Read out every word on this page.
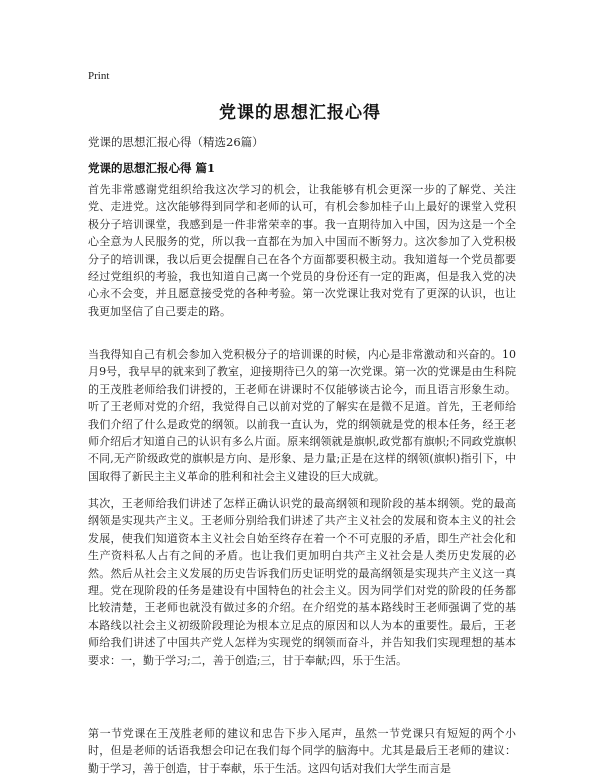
Print
党课的思想汇报心得
党课的思想汇报心得（精选26篇）
党课的思想汇报心得 篇1

首先非常感谢党组织给我这次学习的机会，让我能够有机会更深一步的了解党、关注党、走进党。这次能够得到同学和老师的认可，有机会参加桂子山上最好的课堂入党积极分子培训课堂，我感到是一件非常荣幸的事。我一直期待加入中国，因为这是一个全心全意为人民服务的党，所以我一直都在为加入中国而不断努力。这次参加了入党积极分子的培训课，我以后更会提醒自己在各个方面都要积极主动。我知道每一个党员都要经过党组织的考验，我也知道自己离一个党员的身份还有一定的距离，但是我入党的决心永不会变，并且愿意接受党的各种考验。第一次党课让我对党有了更深的认识，也让我更加坚信了自己要走的路。

当我得知自己有机会参加入党积极分子的培训课的时候，内心是非常激动和兴奋的。10月9号，我早早的就来到了教室，迎接期待已久的第一次党课。第一次的党课是由生科院的王茂胜老师给我们讲授的，王老师在讲课时不仅能够谈古论今，而且语言形象生动。听了王老师对党的介绍，我觉得自己以前对党的了解实在是微不足道。首先，王老师给我们介绍了什么是政党的纲领。以前我一直认为，党的纲领就是党的根本任务，经王老师介绍后才知道自己的认识有多么片面。原来纲领就是旗帜,政党都有旗帜;不同政党旗帜不同,无产阶级政党的旗帜是方向、是形象、是力量;正是在这样的纲领(旗帜)指引下，中国取得了新民主主义革命的胜利和社会主义建设的巨大成就。

其次，王老师给我们讲述了怎样正确认识党的最高纲领和现阶段的基本纲领。党的最高纲领是实现共产主义。王老师分别给我们讲述了共产主义社会的发展和资本主义的社会发展，使我们知道资本主义社会自始至终存在着一个不可克服的矛盾，即生产社会化和生产资料私人占有之间的矛盾。也让我们更加明白共产主义社会是人类历史发展的必然。然后从社会主义发展的历史告诉我们历史证明党的最高纲领是实现共产主义这一真理。党在现阶段的任务是建设有中国特色的社会主义。因为同学们对党的阶段的任务都比较清楚，王老师也就没有做过多的介绍。在介绍党的基本路线时王老师强调了党的基本路线以社会主义初级阶段理论为根本立足点的原因和以人为本的重要性。最后，王老师给我们讲述了中国共产党人怎样为实现党的纲领而奋斗，并告知我们实现理想的基本要求：一，勤于学习;二，善于创造;三，甘于奉献;四，乐于生活。

第一节党课在王茂胜老师的建议和忠告下步入尾声，虽然一节党课只有短短的两个小时，但是老师的话语我想会印记在我们每个同学的脑海中。尤其是最后王老师的建议：勤于学习，善于创造，甘于奉献，乐于生活。这四句话对我们大学生而言是
